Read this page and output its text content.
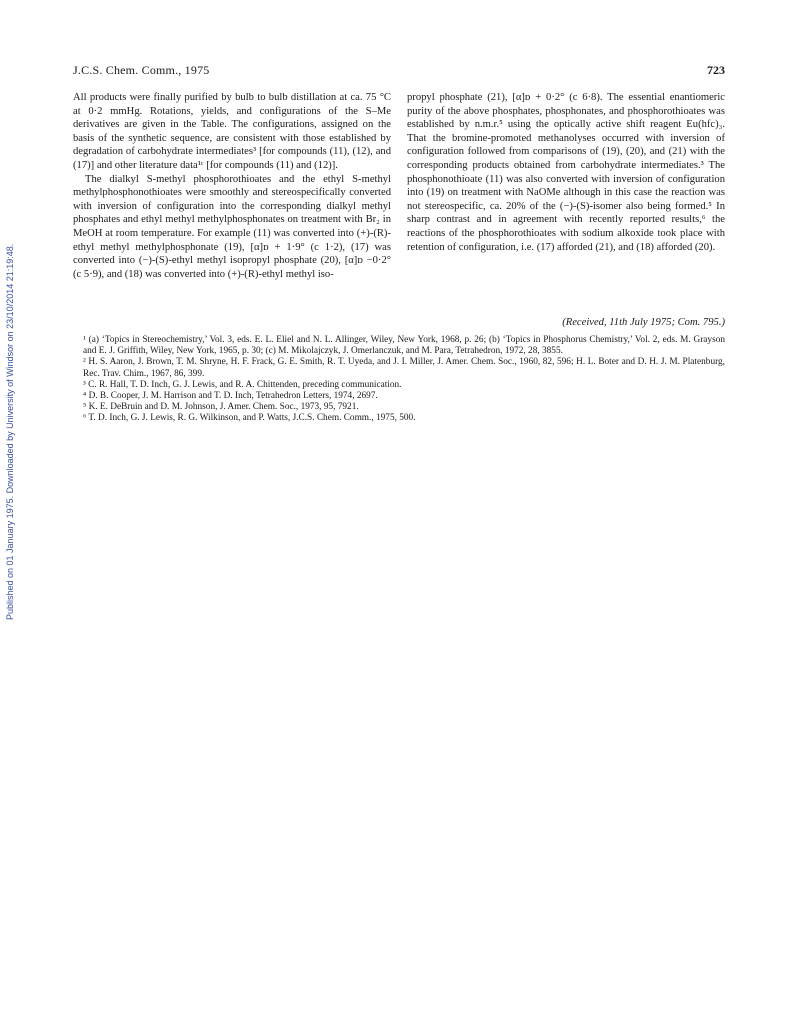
Published on 01 January 1975. Downloaded by University of Windsor on 23/10/2014 21:19:48.
J.C.S. Chem. Comm., 1975	723

All products were finally purified by bulb to bulb distillation at ca. 75 °C at 0·2 mmHg. Rotations, yields, and configurations of the S–Me derivatives are given in the Table. The configurations, assigned on the basis of the synthetic sequence, are consistent with those established by degradation of carbohydrate intermediates³ [for compounds (11), (12), and (17)] and other literature data¹ᶜ [for compounds (11) and (12)].

The dialkyl S-methyl phosphorothioates and the ethyl S-methyl methylphosphonothioates were smoothly and stereospecifically converted with inversion of configuration into the corresponding dialkyl methyl phosphates and ethyl methyl methylphosphonates on treatment with Br₂ in MeOH at room temperature. For example (11) was converted into (+)-(R)-ethyl methyl methylphosphonate (19), [α]ᴅ + 1·9° (c 1·2), (17) was converted into (−)-(S)-ethyl methyl isopropyl phosphate (20), [α]ᴅ −0·2° (c 5·9), and (18) was converted into (+)-(R)-ethyl methyl iso-

propyl phosphate (21), [α]ᴅ + 0·2° (c 6·8). The essential enantiomeric purity of the above phosphates, phosphonates, and phosphorothioates was established by n.m.r.⁵ using the optically active shift reagent Eu(hfc)₃. That the bromine-promoted methanolyses occurred with inversion of configuration followed from comparisons of (19), (20), and (21) with the corresponding products obtained from carbohydrate intermediates.³ The phosphonothioate (11) was also converted with inversion of configuration into (19) on treatment with NaOMe although in this case the reaction was not stereospecific, ca. 20% of the (−)-(S)-isomer also being formed.⁵ In sharp contrast and in agreement with recently reported results,⁶ the reactions of the phosphorothioates with sodium alkoxide took place with retention of configuration, i.e. (17) afforded (21), and (18) afforded (20).

(Received, 11th July 1975; Com. 795.)

¹ (a) ‘Topics in Stereochemistry,’ Vol. 3, eds. E. L. Eliel and N. L. Allinger, Wiley, New York, 1968, p. 26; (b) ‘Topics in Phosphorus Chemistry,’ Vol. 2, eds. M. Grayson and E. J. Griffith, Wiley, New York, 1965, p. 30; (c) M. Mikolajczyk, J. Omerlanczuk, and M. Para, Tetrahedron, 1972, 28, 3855.

² H. S. Aaron, J. Brown, T. M. Shryne, H. F. Frack, G. E. Smith, R. T. Uyeda, and J. I. Miller, J. Amer. Chem. Soc., 1960, 82, 596; H. L. Boter and D. H. J. M. Platenburg, Rec. Trav. Chim., 1967, 86, 399.

³ C. R. Hall, T. D. Inch, G. J. Lewis, and R. A. Chittenden, preceding communication.

⁴ D. B. Cooper, J. M. Harrison and T. D. Inch, Tetrahedron Letters, 1974, 2697.

⁵ K. E. DeBruin and D. M. Johnson, J. Amer. Chem. Soc., 1973, 95, 7921.

⁶ T. D. Inch, G. J. Lewis, R. G. Wilkinson, and P. Watts, J.C.S. Chem. Comm., 1975, 500.
